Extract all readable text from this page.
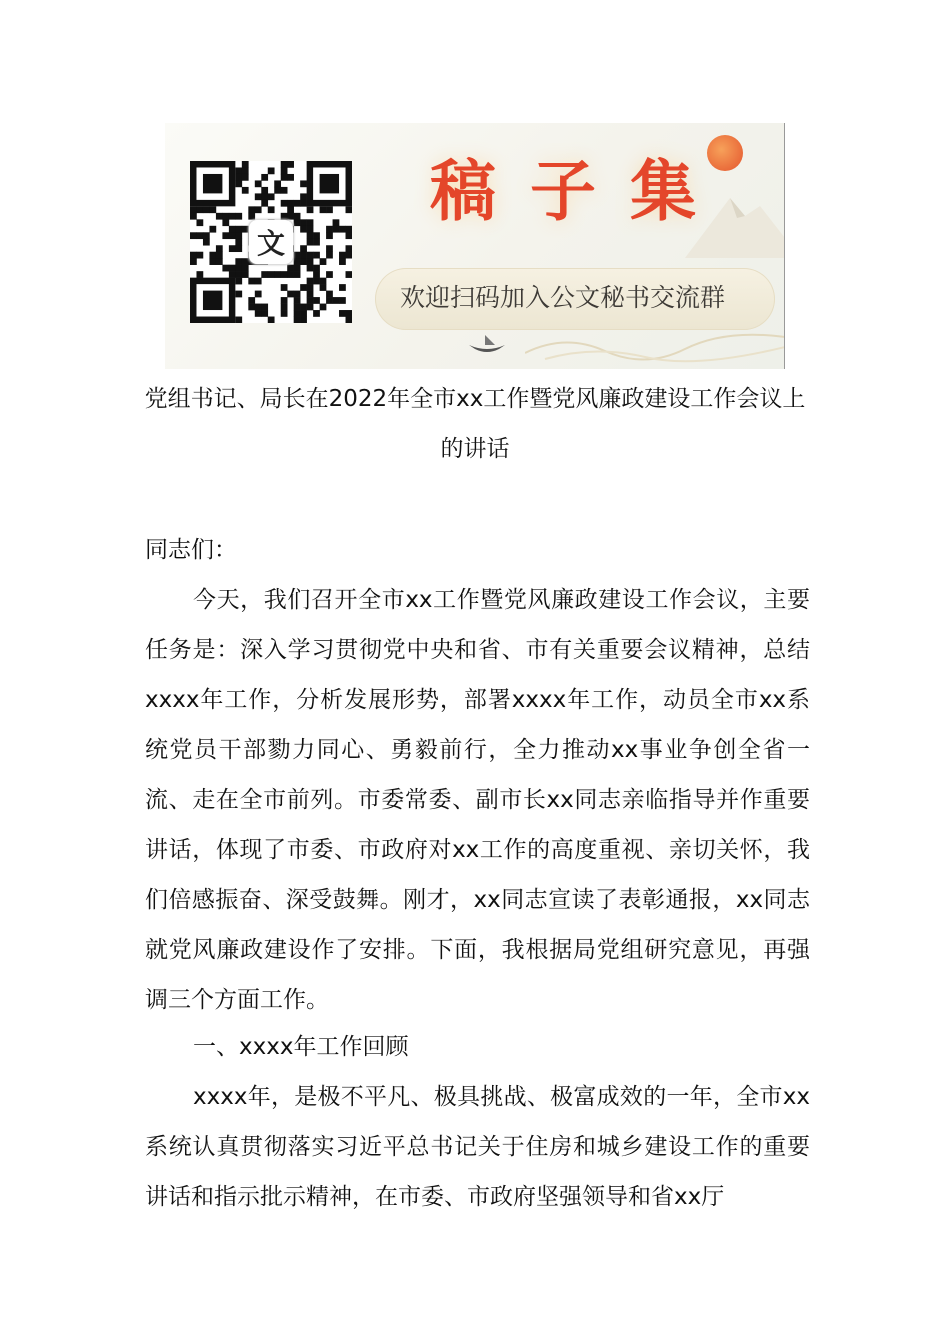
文
稿子集
欢迎扫码加入公文秘书交流群
党组书记、局长在2022年全市xx工作暨党风廉政建设工作会议上的讲话
同志们：

今天，我们召开全市xx工作暨党风廉政建设工作会议，主要任务是：深入学习贯彻党中央和省、市有关重要会议精神，总结xxxx年工作，分析发展形势，部署xxxx年工作，动员全市xx系统党员干部勠力同心、勇毅前行，全力推动xx事业争创全省一流、走在全市前列。市委常委、副市长xx同志亲临指导并作重要讲话，体现了市委、市政府对xx工作的高度重视、亲切关怀，我们倍感振奋、深受鼓舞。刚才，xx同志宣读了表彰通报，xx同志就党风廉政建设作了安排。下面，我根据局党组研究意见，再强调三个方面工作。

一、xxxx年工作回顾

xxxx年，是极不平凡、极具挑战、极富成效的一年，全市xx系统认真贯彻落实习近平总书记关于住房和城乡建设工作的重要讲话和指示批示精神，在市委、市政府坚强领导和省xx厅
